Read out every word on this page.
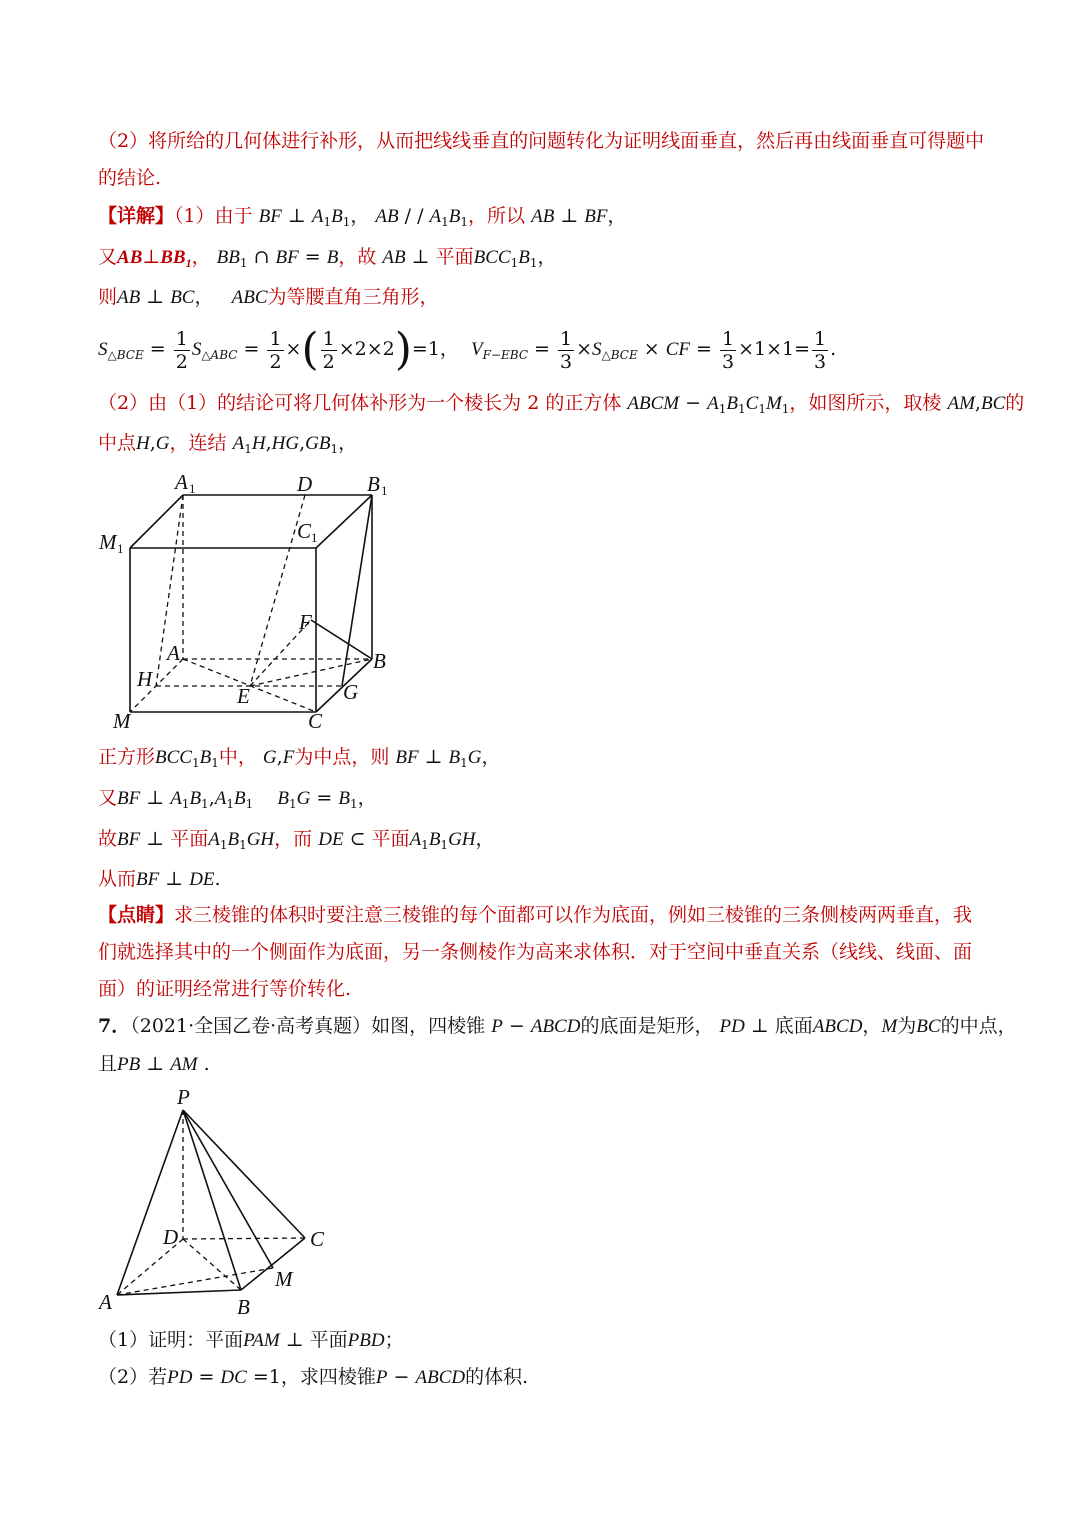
（2）将所给的几何体进行补形，从而把线线垂直的问题转化为证明线面垂直，然后再由线面垂直可得题中
的结论.
【详解】（1）由于 BF ⊥ $A_1B_1$， AB / / $A_1B_1$，所以 AB ⊥ BF，
又$AB\perp BB_1$， $BB_1$ ∩ BF = B，故 AB ⊥ 平面$BCC_1B_1$，
则AB ⊥ BC， ABC为等腰直角三角形，
$S_{\triangle BCE} = \frac{1}{2} S_{\triangle ABC} = \frac{1}{2}$ ×( $\frac{1}{2} \times 2\times 2)=1$，  $V_{F-EBC} = \frac{1}{3} \times S_{\triangle BCE}$ × CF = $\frac{1}{3} \times 1\times 1= \frac{1}{3}$ .
（2）由（1）的结论可将几何体补形为一个棱长为 2 的正方体 ABCM − $A_1B_1C_1M_1$，如图所示，取棱 AM,BC的
中点H,G，连结 $A_1H,HG,GB_1$，
A 1	D	B 1
M 1
C 1
F
A	B
H
G
E
M	C
正方形$BCC_1B_1$中， G,F为中点，则 BF ⊥ $B_1G$，
又BF ⊥ $A_1B_1,A_1B_1$ $B_1G = B_1$，
故BF ⊥ 平面$A_1B_1GH$，而 DE ⊂ 平面$A_1B_1GH$，
从而BF ⊥ DE.
【点睛】求三棱锥的体积时要注意三棱锥的每个面都可以作为底面，例如三棱锥的三条侧棱两两垂直，我
们就选择其中的一个侧面作为底面，另一条侧棱作为高来求体积．对于空间中垂直关系（线线、线面、面
面）的证明经常进行等价转化.
7．（2021·全国乙卷·高考真题）如图，四棱锥 P − ABCD的底面是矩形， PD ⊥ 底面ABCD，M为BC的中点，
且PB ⊥ AM .
P
D	C
M
A	B
（1）证明：平面PAM ⊥ 平面PBD；
（2）若PD = DC =1，求四棱锥P − ABCD的体积.
